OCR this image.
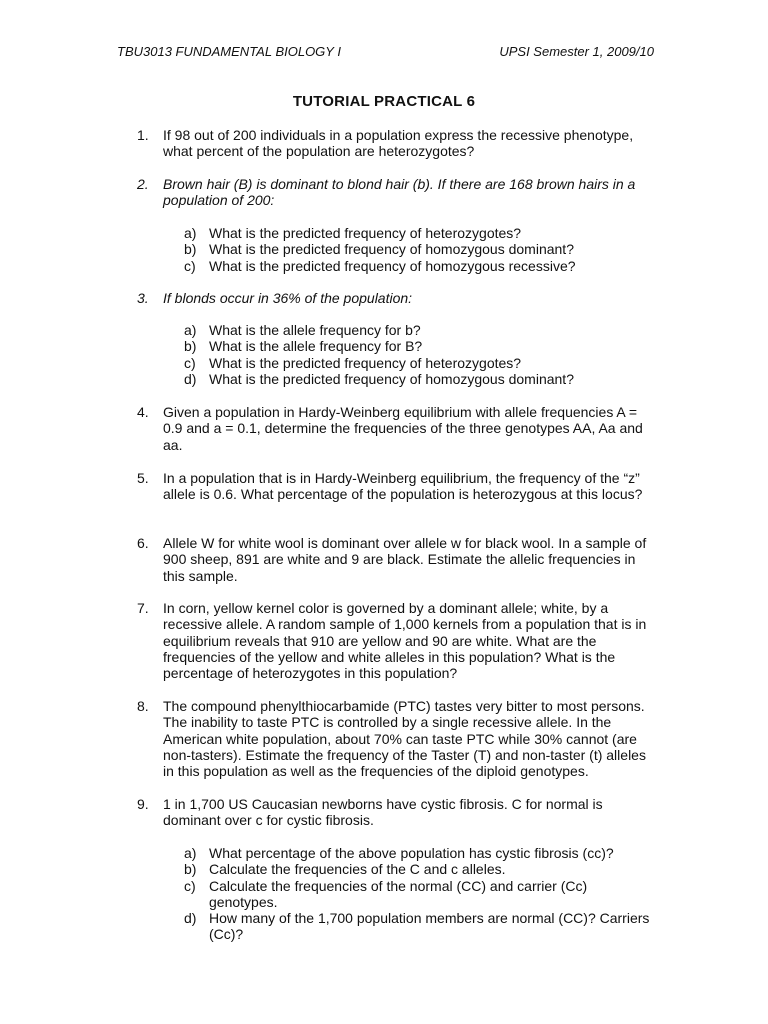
TBU3013 FUNDAMENTAL BIOLOGY I	UPSI Semester 1, 2009/10
TUTORIAL PRACTICAL 6
1. If 98 out of 200 individuals in a population express the recessive phenotype, what percent of the population are heterozygotes?
2. Brown hair (B) is dominant to blond hair (b). If there are 168 brown hairs in a population of 200:
a) What is the predicted frequency of heterozygotes?
b) What is the predicted frequency of homozygous dominant?
c) What is the predicted frequency of homozygous recessive?
3. If blonds occur in 36% of the population:
a) What is the allele frequency for b?
b) What is the allele frequency for B?
c) What is the predicted frequency of heterozygotes?
d) What is the predicted frequency of homozygous dominant?
4. Given a population in Hardy-Weinberg equilibrium with allele frequencies A = 0.9 and a = 0.1, determine the frequencies of the three genotypes AA, Aa and aa.
5. In a population that is in Hardy-Weinberg equilibrium, the frequency of the “z” allele is 0.6. What percentage of the population is heterozygous at this locus?
6. Allele W for white wool is dominant over allele w for black wool. In a sample of 900 sheep, 891 are white and 9 are black. Estimate the allelic frequencies in this sample.
7. In corn, yellow kernel color is governed by a dominant allele; white, by a recessive allele. A random sample of 1,000 kernels from a population that is in equilibrium reveals that 910 are yellow and 90 are white. What are the frequencies of the yellow and white alleles in this population? What is the percentage of heterozygotes in this population?
8. The compound phenylthiocarbamide (PTC) tastes very bitter to most persons. The inability to taste PTC is controlled by a single recessive allele. In the American white population, about 70% can taste PTC while 30% cannot (are non-tasters). Estimate the frequency of the Taster (T) and non-taster (t) alleles in this population as well as the frequencies of the diploid genotypes.
9. 1 in 1,700 US Caucasian newborns have cystic fibrosis. C for normal is dominant over c for cystic fibrosis.
a) What percentage of the above population has cystic fibrosis (cc)?
b) Calculate the frequencies of the C and c alleles.
c) Calculate the frequencies of the normal (CC) and carrier (Cc) genotypes.
d) How many of the 1,700 population members are normal (CC)? Carriers (Cc)?
